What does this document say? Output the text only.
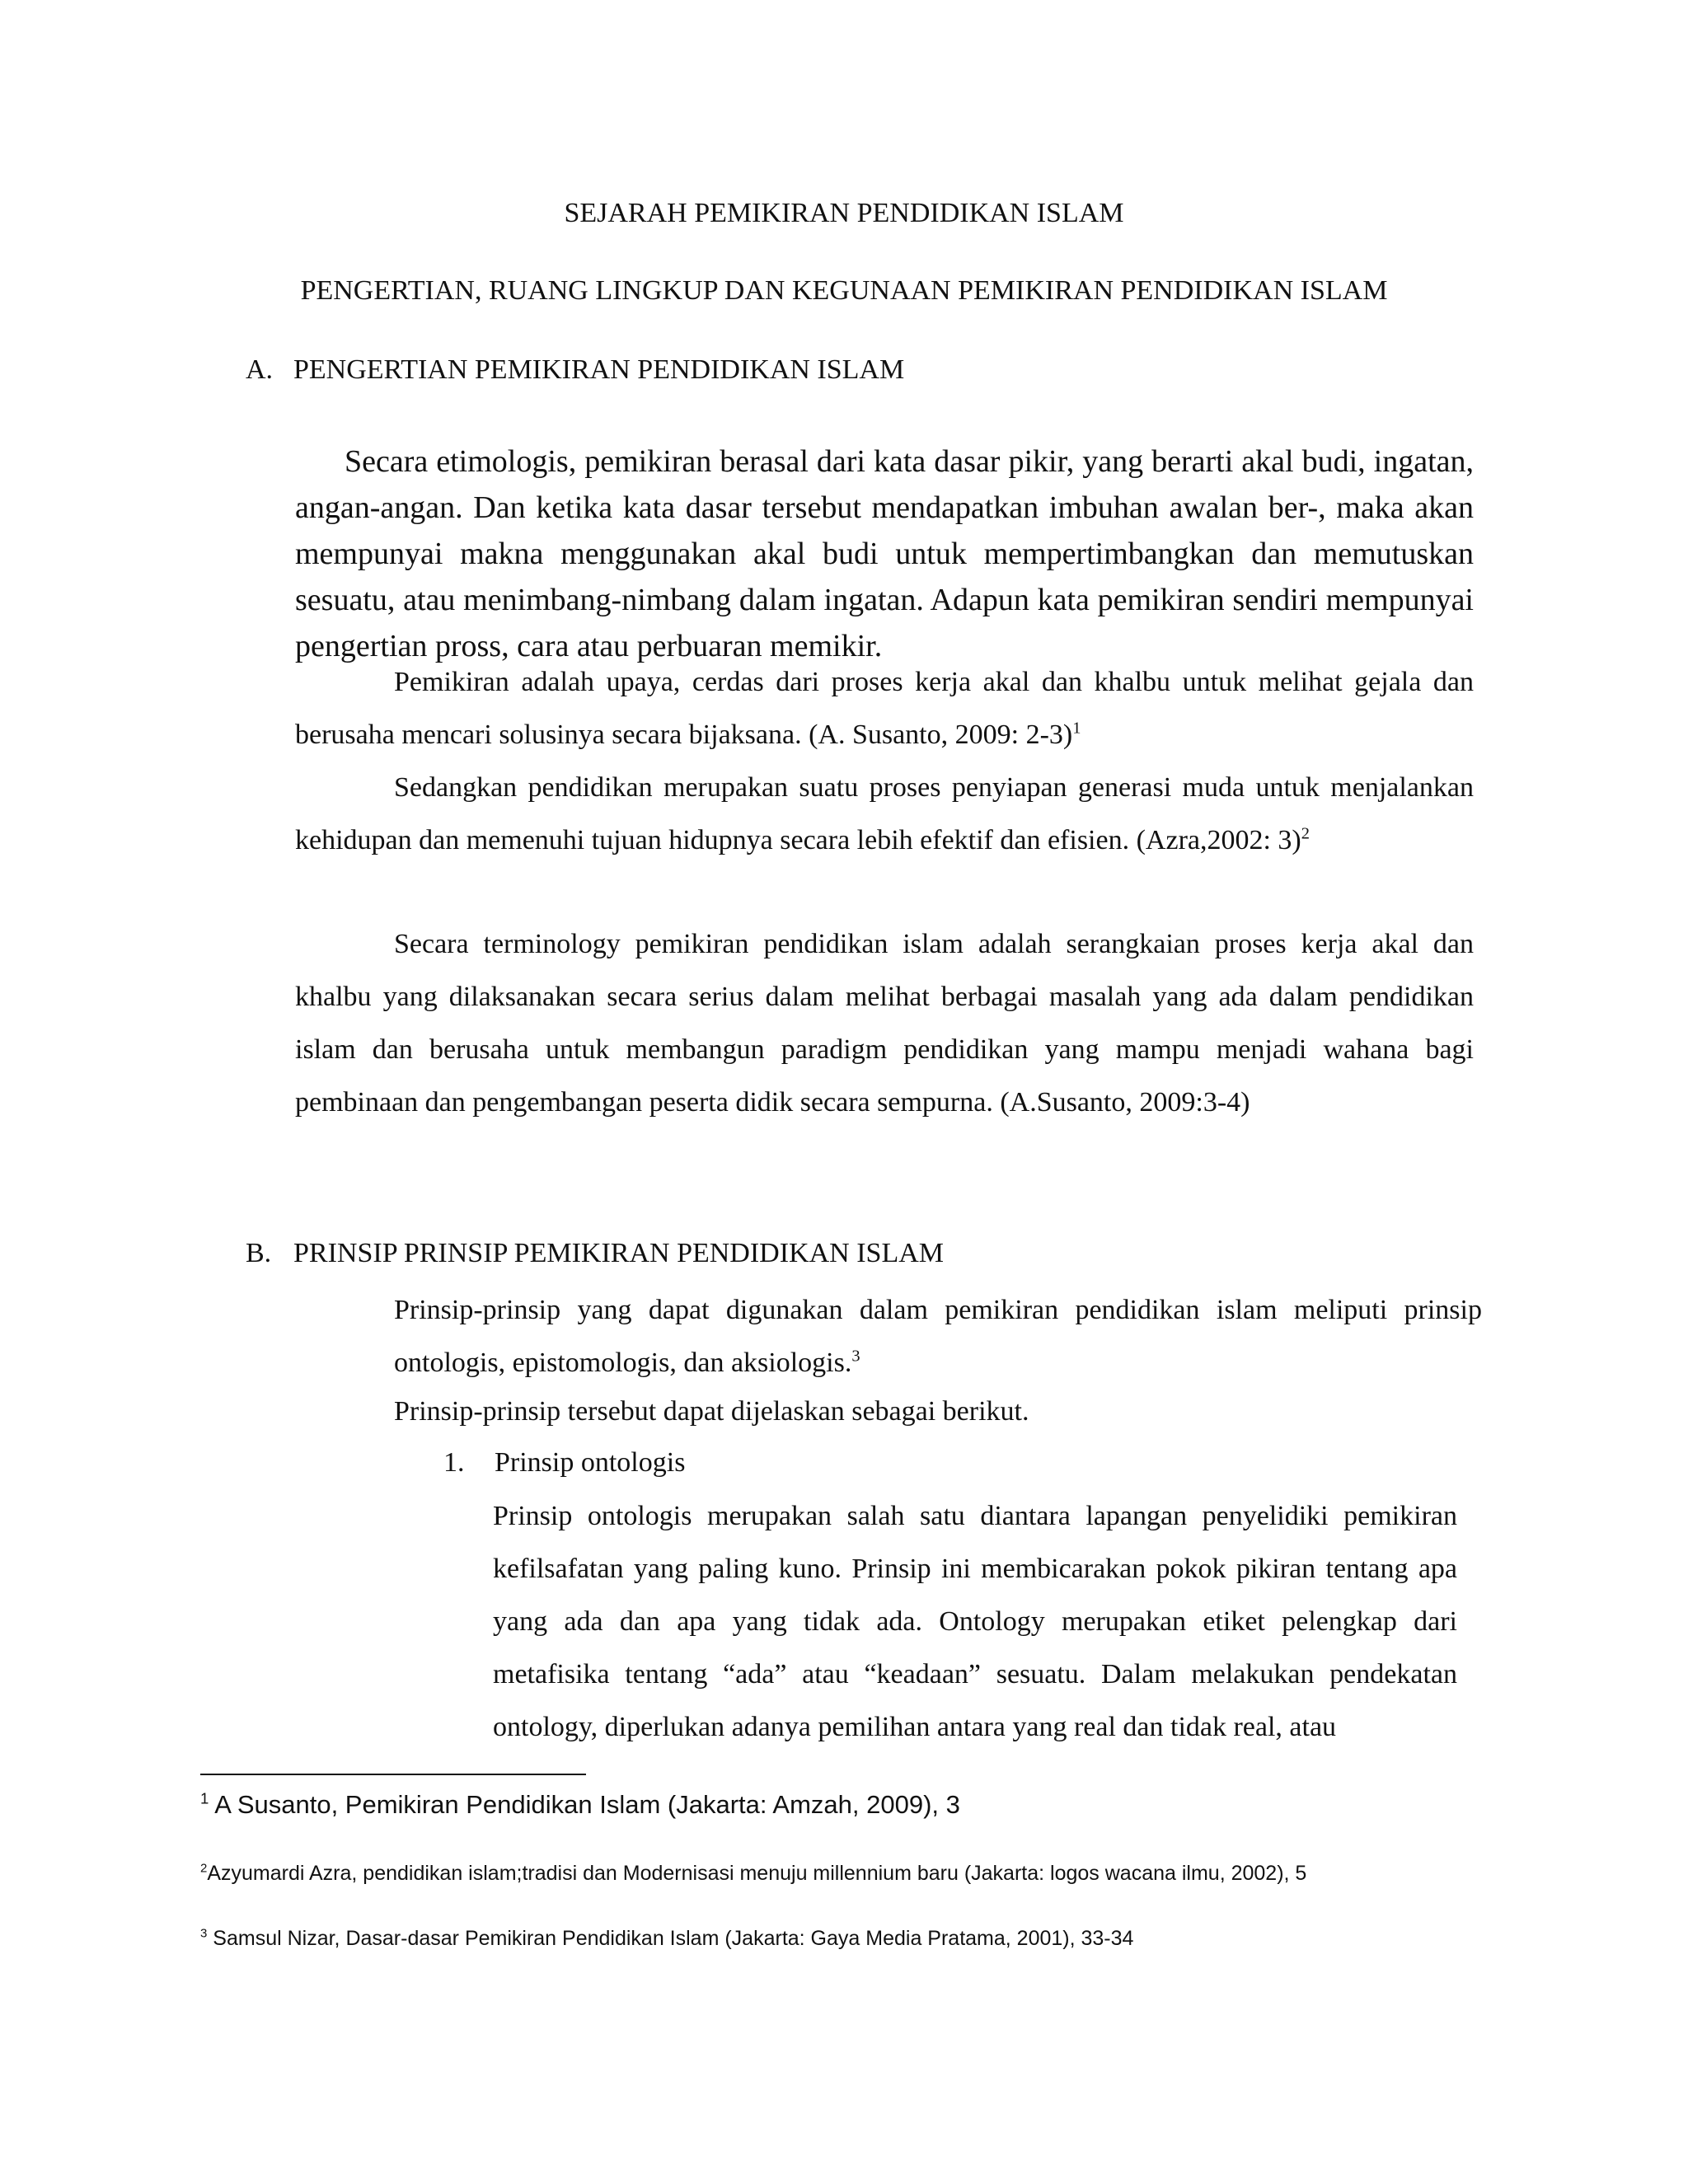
SEJARAH PEMIKIRAN PENDIDIKAN ISLAM
PENGERTIAN, RUANG LINGKUP DAN KEGUNAAN PEMIKIRAN PENDIDIKAN ISLAM
A. PENGERTIAN PEMIKIRAN PENDIDIKAN ISLAM
Secara etimologis, pemikiran berasal dari kata dasar pikir, yang berarti akal budi, ingatan, angan-angan. Dan ketika kata dasar tersebut mendapatkan imbuhan awalan ber-, maka akan mempunyai makna menggunakan akal budi untuk mempertimbangkan dan memutuskan sesuatu, atau menimbang-nimbang dalam ingatan. Adapun kata pemikiran sendiri mempunyai pengertian pross, cara atau perbuaran memikir.
Pemikiran adalah upaya, cerdas dari proses kerja akal dan khalbu untuk melihat gejala dan berusaha mencari solusinya secara bijaksana. (A. Susanto, 2009: 2-3)$^1$
Sedangkan pendidikan merupakan suatu proses penyiapan generasi muda untuk menjalankan kehidupan dan memenuhi tujuan hidupnya secara lebih efektif dan efisien. (Azra,2002: 3)$^2$
Secara terminology pemikiran pendidikan islam adalah serangkaian proses kerja akal dan khalbu yang dilaksanakan secara serius dalam melihat berbagai masalah yang ada dalam pendidikan islam dan berusaha untuk membangun paradigm pendidikan yang mampu menjadi wahana bagi pembinaan dan pengembangan peserta didik secara sempurna. (A.Susanto, 2009:3-4)
B. PRINSIP PRINSIP PEMIKIRAN PENDIDIKAN ISLAM
Prinsip-prinsip yang dapat digunakan dalam pemikiran pendidikan islam meliputi prinsip ontologis, epistomologis, dan aksiologis.$^3$
Prinsip-prinsip tersebut dapat dijelaskan sebagai berikut.
1. Prinsip ontologis
Prinsip ontologis merupakan salah satu diantara lapangan penyelidiki pemikiran kefilsafatan yang paling kuno. Prinsip ini membicarakan pokok pikiran tentang apa yang ada dan apa yang tidak ada. Ontology merupakan etiket pelengkap dari metafisika tentang “ada” atau “keadaan” sesuatu. Dalam melakukan pendekatan ontology, diperlukan adanya pemilihan antara yang real dan tidak real, atau
$^1$ A Susanto, Pemikiran Pendidikan Islam (Jakarta: Amzah, 2009), 3
$^2$Azyumardi Azra, pendidikan islam;tradisi dan Modernisasi menuju millennium baru (Jakarta: logos wacana ilmu, 2002), 5
$^3$ Samsul Nizar, Dasar-dasar Pemikiran Pendidikan Islam (Jakarta: Gaya Media Pratama, 2001), 33-34
